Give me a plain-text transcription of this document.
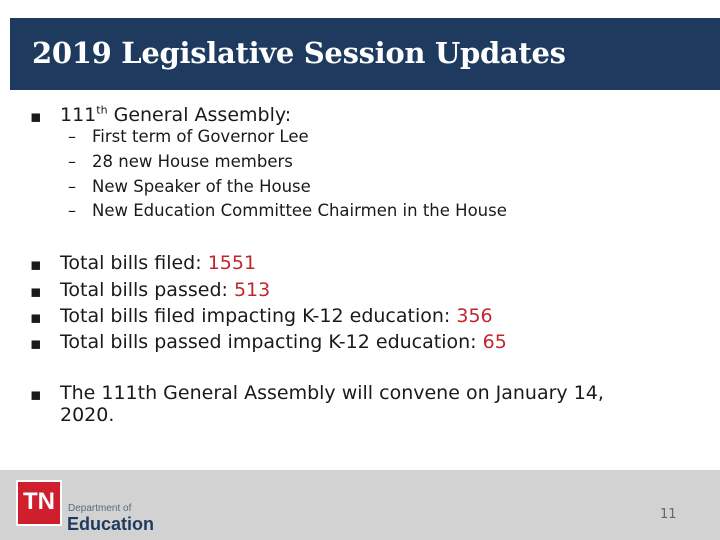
2019 Legislative Session Updates
▪ 111th General Assembly:
– First term of Governor Lee
– 28 new House members
– New Speaker of the House
– New Education Committee Chairmen in the House
▪ Total bills filed: 1551
▪ Total bills passed: 513
▪ Total bills filed impacting K-12 education: 356
▪ Total bills passed impacting K-12 education: 65
▪ The 111th General Assembly will convene on January 14,
2020.
TN	Department of
Education	11
